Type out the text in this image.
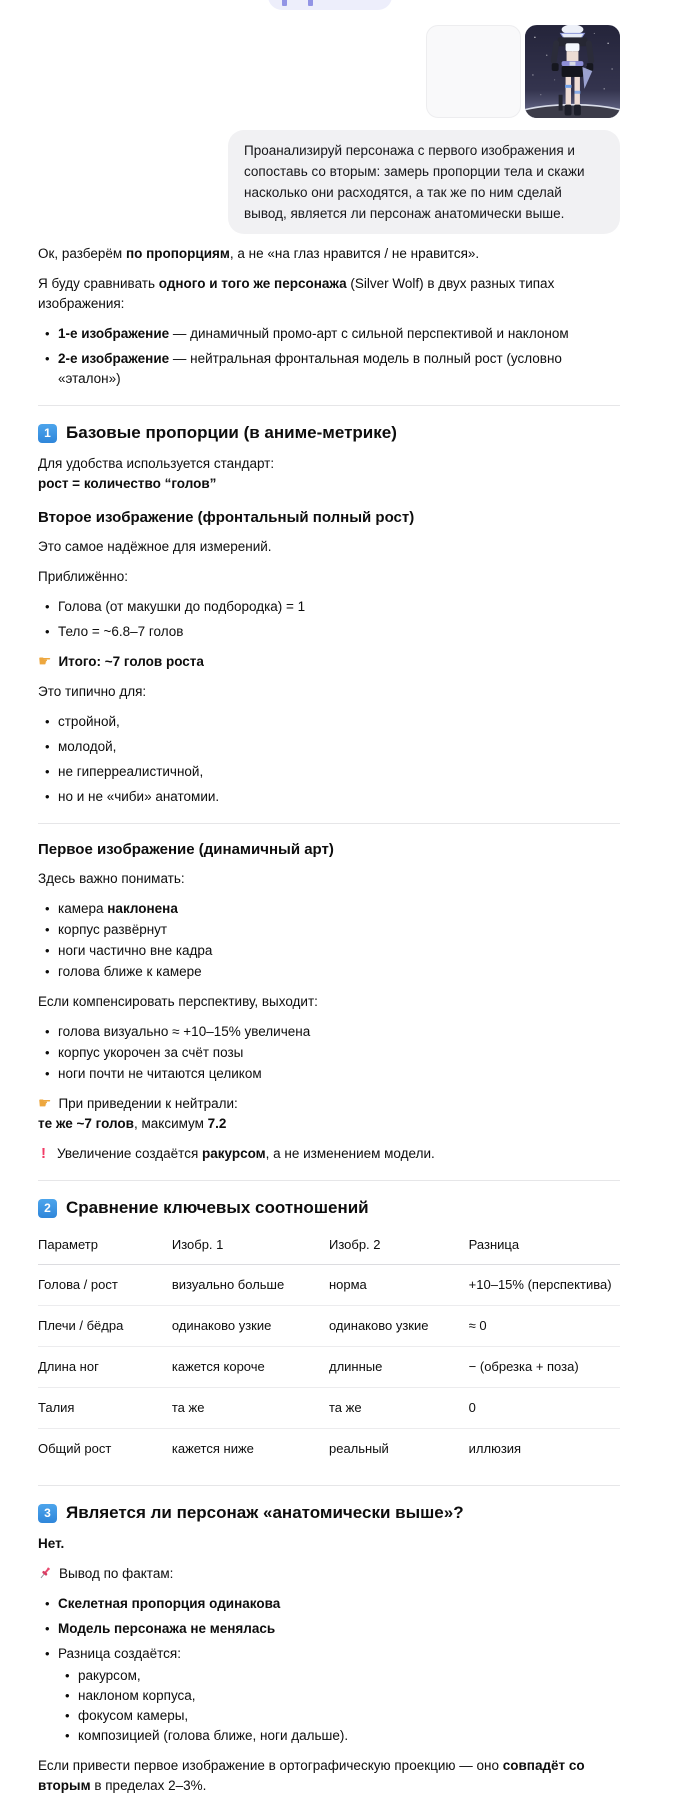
Проанализируй персонажа с первого изображения и сопоставь со вторым: замерь пропорции тела и скажи насколько они расходятся, а так же по ним сделай вывод, является ли персонаж анатомически выше.
Ок, разберём по пропорциям, а не «на глаз нравится / не нравится».
Я буду сравнивать одного и того же персонажа (Silver Wolf) в двух разных типах изображения:
• 1-е изображение — динамичный промо-арт с сильной перспективой и наклоном
• 2-е изображение — нейтральная фронтальная модель в полный рост (условно «эталон»)
1 Базовые пропорции (в аниме-метрике)
Для удобства используется стандарт:
рост = количество “голов”
Второе изображение (фронтальный полный рост)
Это самое надёжное для измерений.
Приближённо:
• Голова (от макушки до подбородка) = 1
• Тело = ~6.8–7 голов
☛ Итого: ~7 голов роста
Это типично для:
• стройной,
• молодой,
• не гиперреалистичной,
• но и не «чиби» анатомии.
Первое изображение (динамичный арт)
Здесь важно понимать:
• камера наклонена
• корпус развёрнут
• ноги частично вне кадра
• голова ближе к камере
Если компенсировать перспективу, выходит:
• голова визуально ≈ +10–15% увеличена
• корпус укорочен за счёт позы
• ноги почти не читаются целиком
☛ При приведении к нейтрали:
те же ~7 голов, максимум 7.2
! Увеличение создаётся ракурсом, а не изменением модели.
2 Сравнение ключевых соотношений
Параметр	Изобр. 1	Изобр. 2	Разница
Голова / рост	визуально больше	норма	+10–15% (перспектива)
Плечи / бёдра	одинаково узкие	одинаково узкие	≈ 0
Длина ног	кажется короче	длинные	− (обрезка + поза)
Талия	та же	та же	0
Общий рост	кажется ниже	реальный	иллюзия
3 Является ли персонаж «анатомически выше»?
Нет.
Вывод по фактам:
• Скелетная пропорция одинакова
• Модель персонажа не менялась
• Разница создаётся:
• ракурсом,
• наклоном корпуса,
• фокусом камеры,
• композицией (голова ближе, ноги дальше).
Если привести первое изображение в ортографическую проекцию — оно совпадёт со вторым в пределах 2–3%.
